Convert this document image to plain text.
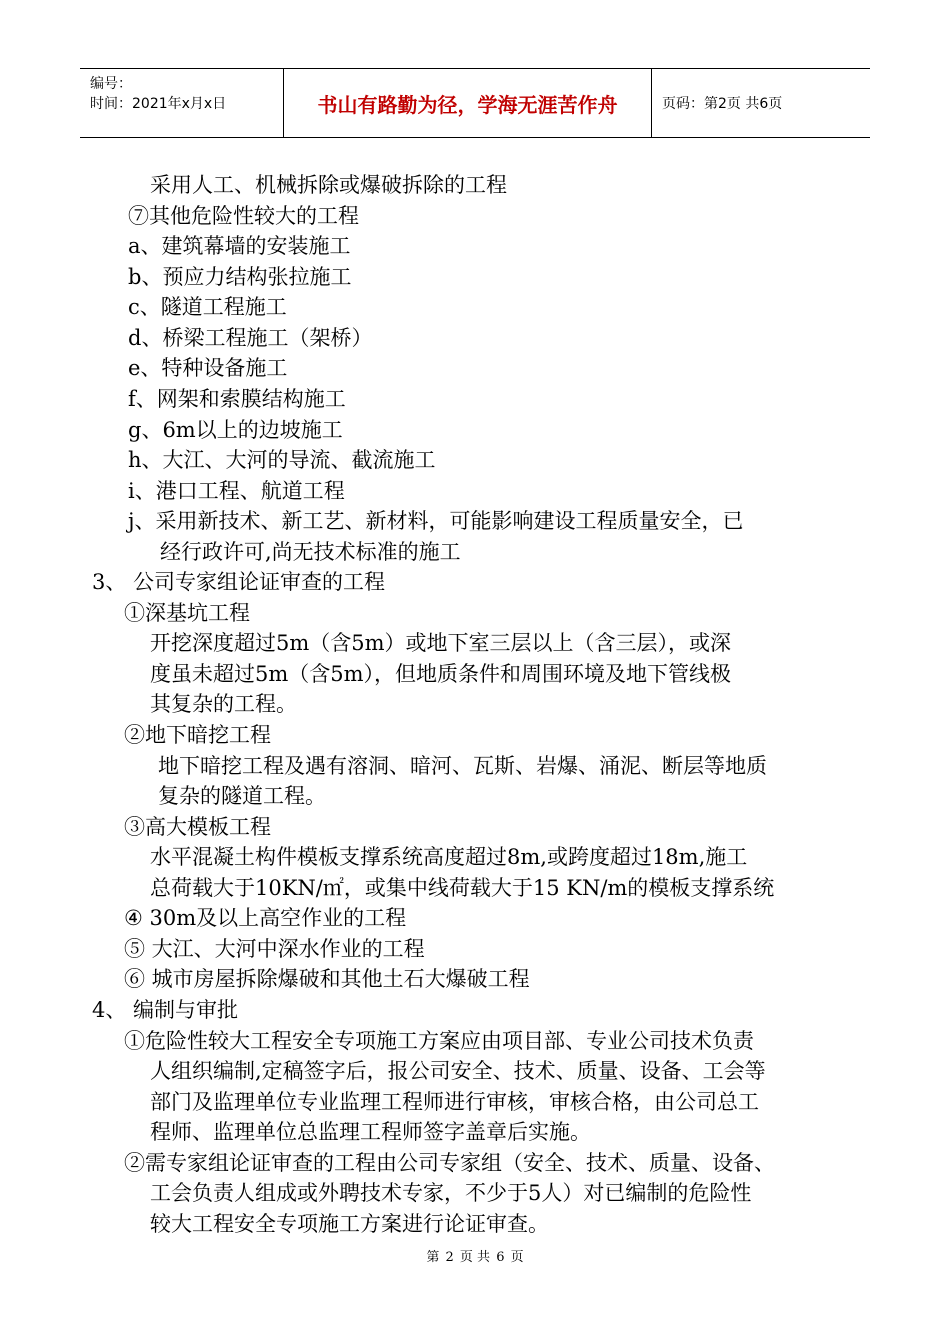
编号：
时间：2021年x月x日	书山有路勤为径，学海无涯苦作舟	页码：第2页 共6页
采用人工、机械拆除或爆破拆除的工程
⑦其他危险性较大的工程
a、建筑幕墙的安装施工
b、预应力结构张拉施工
c、隧道工程施工
d、桥梁工程施工（架桥）
e、特种设备施工
f、网架和索膜结构施工
g、6m以上的边坡施工
h、大江、大河的导流、截流施工
i、港口工程、航道工程
j、采用新技术、新工艺、新材料，可能影响建设工程质量安全，已
经行政许可,尚无技术标准的施工
3、 公司专家组论证审查的工程
①深基坑工程
开挖深度超过5m（含5m）或地下室三层以上（含三层），或深
度虽未超过5m（含5m），但地质条件和周围环境及地下管线极
其复杂的工程。
②地下暗挖工程
地下暗挖工程及遇有溶洞、暗河、瓦斯、岩爆、涌泥、断层等地质
复杂的隧道工程。
③高大模板工程
水平混凝土构件模板支撑系统高度超过8m,或跨度超过18m,施工
总荷载大于10KN/㎡，或集中线荷载大于15 KN/m的模板支撑系统
④ 30m及以上高空作业的工程
⑤ 大江、大河中深水作业的工程
⑥ 城市房屋拆除爆破和其他土石大爆破工程
4、 编制与审批
①危险性较大工程安全专项施工方案应由项目部、专业公司技术负责
人组织编制,定稿签字后，报公司安全、技术、质量、设备、工会等
部门及监理单位专业监理工程师进行审核，审核合格，由公司总工
程师、监理单位总监理工程师签字盖章后实施。
②需专家组论证审查的工程由公司专家组（安全、技术、质量、设备、
工会负责人组成或外聘技术专家，不少于5人）对已编制的危险性
较大工程安全专项施工方案进行论证审查。
第 2 页 共 6 页
